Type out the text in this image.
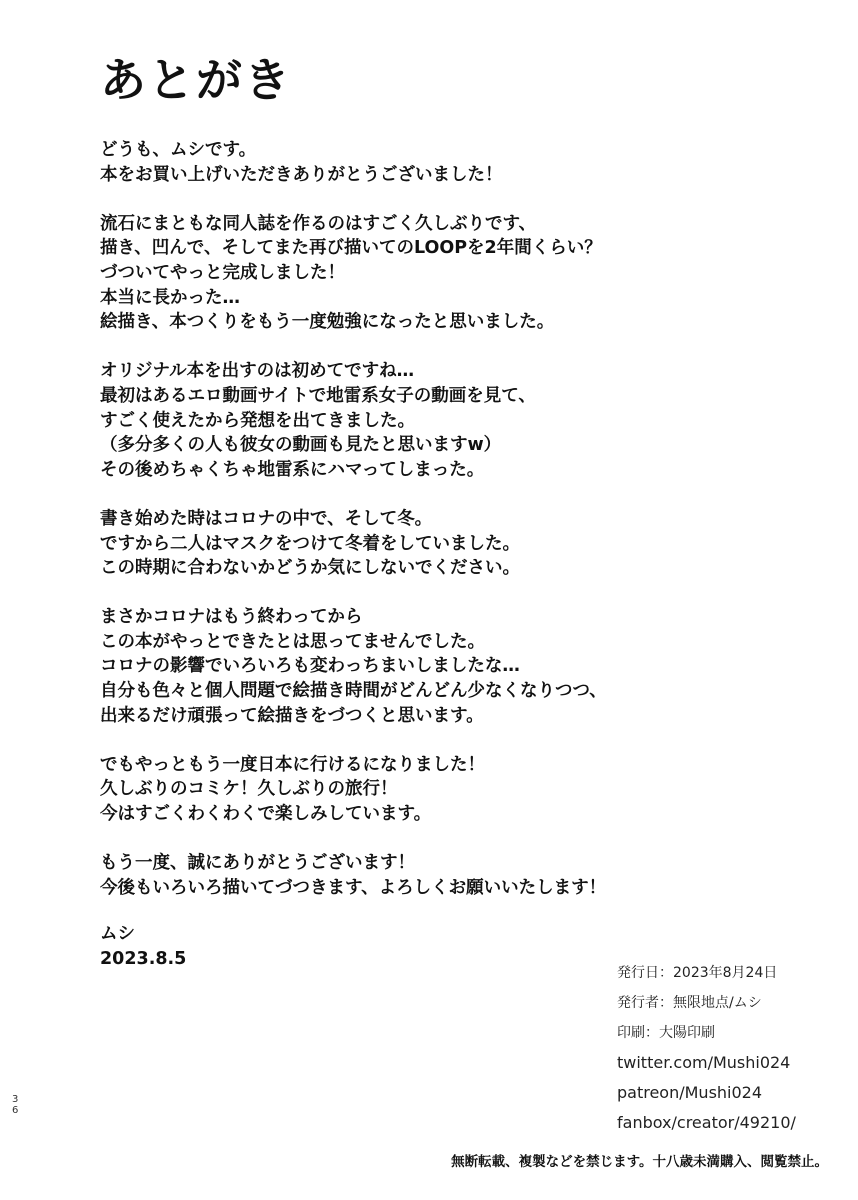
あとがき
どうも、ムシです。
本をお買い上げいただきありがとうございました！
流石にまともな同人誌を作るのはすごく久しぶりです、
描き、凹んで、そしてまた再び描いてのLOOPを2年間くらい？
づついてやっと完成しました！
本当に長かった…
絵描き、本つくりをもう一度勉強になったと思いました。
オリジナル本を出すのは初めてですね…
最初はあるエロ動画サイトで地雷系女子の動画を見て、
すごく使えたから発想を出てきました。
（多分多くの人も彼女の動画も見たと思いますw）
その後めちゃくちゃ地雷系にハマってしまった。
書き始めた時はコロナの中で、そして冬。
ですから二人はマスクをつけて冬着をしていました。
この時期に合わないかどうか気にしないでください。
まさかコロナはもう終わってから
この本がやっとできたとは思ってませんでした。
コロナの影響でいろいろも変わっちまいしましたな…
自分も色々と個人問題で絵描き時間がどんどん少なくなりつつ、
出来るだけ頑張って絵描きをづつくと思います。
でもやっともう一度日本に行けるになりました！
久しぶりのコミケ！久しぶりの旅行！
今はすごくわくわくで楽しみしています。
もう一度、誠にありがとうございます！
今後もいろいろ描いてづつきます、よろしくお願いいたします！
ムシ
2023.8.5
発行日：2023年8月24日
発行者：無限地点/ムシ
印刷：大陽印刷
twitter.com/Mushi024
patreon/Mushi024
fanbox/creator/49210/
36
無断転載、複製などを禁じます。十八歳未満購入、閲覧禁止。
